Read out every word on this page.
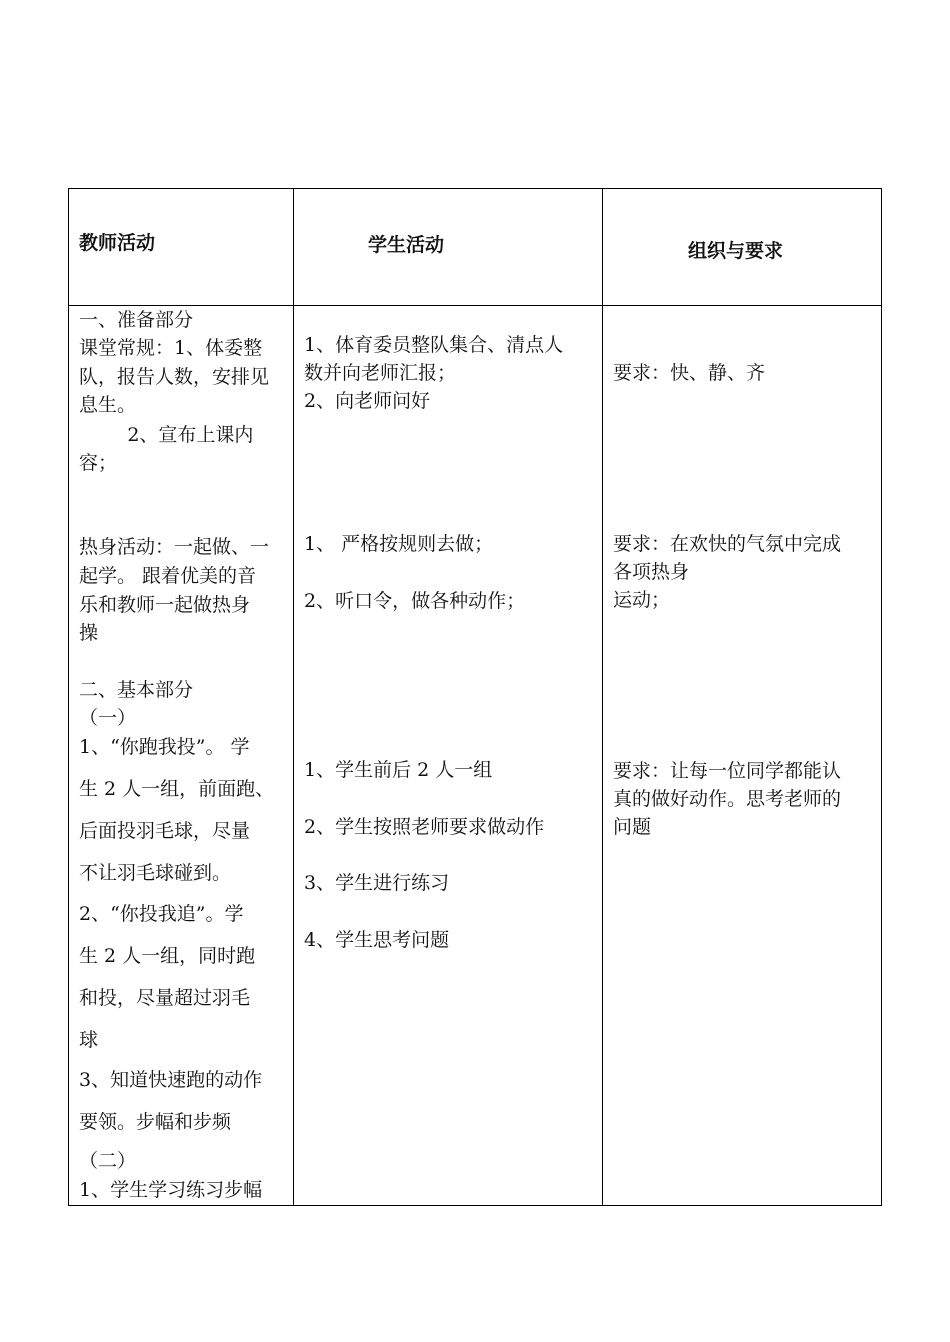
教师活动	学生活动	组织与要求
一、准备部分
课堂常规：1、体委整
队，报告人数，安排见
息生。
2、宣布上课内
容；
热身活动：一起做、一
起学。 跟着优美的音
乐和教师一起做热身
操
二、基本部分
（一）
1、“你跑我投”。 学
生 2 人一组，前面跑、
后面投羽毛球，尽量
不让羽毛球碰到。
2、“你投我追”。学
生 2 人一组，同时跑
和投，尽量超过羽毛
球
3、知道快速跑的动作
要领。步幅和步频
（二）
1、学生学习练习步幅
1、体育委员整队集合、清点人
数并向老师汇报；
2、向老师问好
1、 严格按规则去做；
2、听口令，做各种动作；
1、学生前后 2 人一组
2、学生按照老师要求做动作
3、学生进行练习
4、学生思考问题
要求：快、静、齐
要求：在欢快的气氛中完成
各项热身
运动；
要求：让每一位同学都能认
真的做好动作。思考老师的
问题
